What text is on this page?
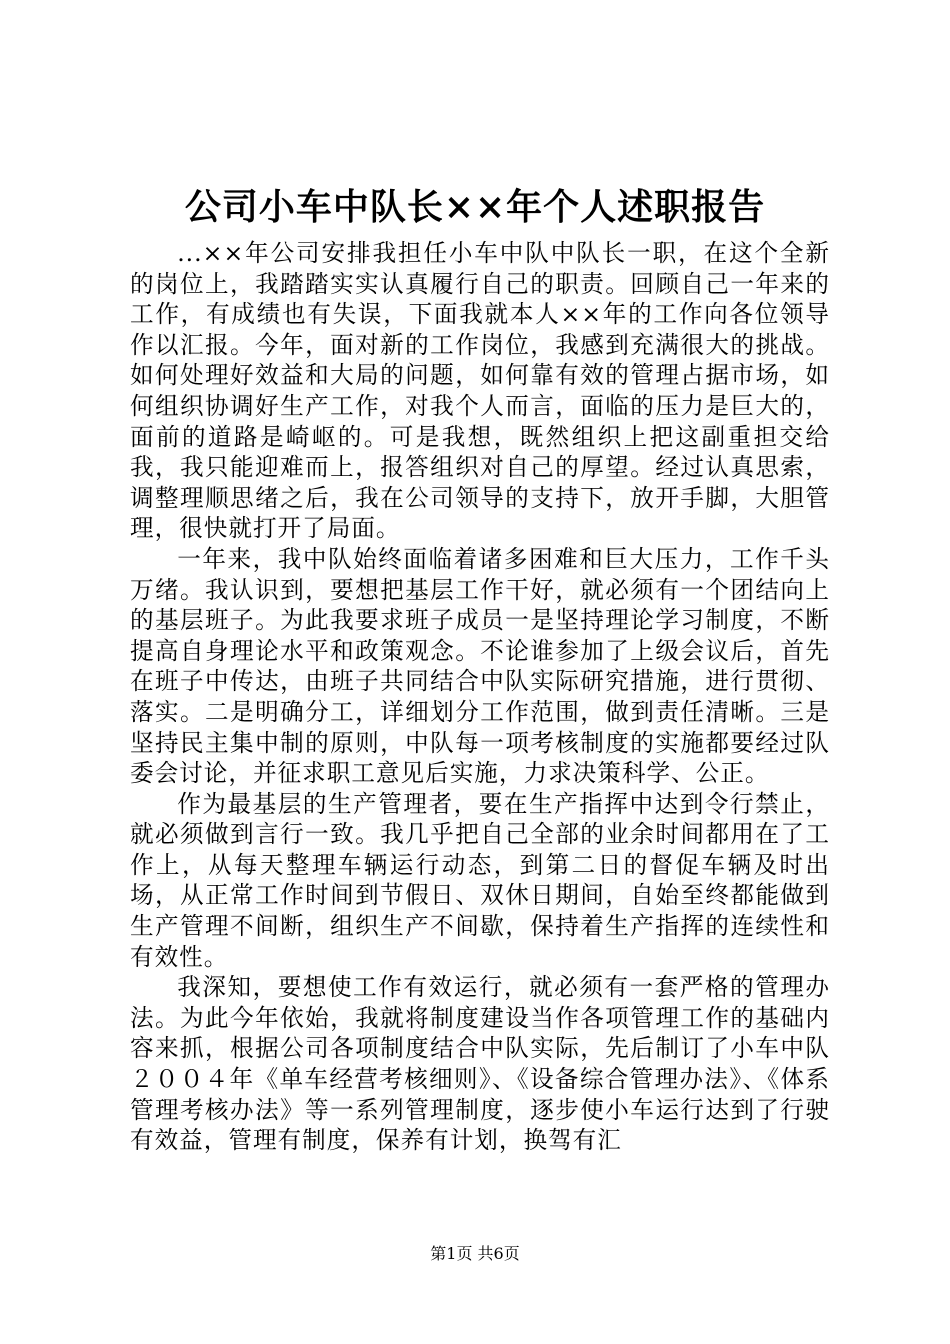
公司小车中队长××年个人述职报告

...××年公司安排我担任小车中队中队长一职，在这个全新的岗位上，我踏踏实实认真履行自己的职责。回顾自己一年来的工作，有成绩也有失误，下面我就本人××年的工作向各位领导作以汇报。今年，面对新的工作岗位，我感到充满很大的挑战。如何处理好效益和大局的问题，如何靠有效的管理占据市场，如何组织协调好生产工作，对我个人而言，面临的压力是巨大的，面前的道路是崎岖的。可是我想，既然组织上把这副重担交给我，我只能迎难而上，报答组织对自己的厚望。经过认真思索，调整理顺思绪之后，我在公司领导的支持下，放开手脚，大胆管理，很快就打开了局面。

一年来，我中队始终面临着诸多困难和巨大压力，工作千头万绪。我认识到，要想把基层工作干好，就必须有一个团结向上的基层班子。为此我要求班子成员一是坚持理论学习制度，不断提高自身理论水平和政策观念。不论谁参加了上级会议后，首先在班子中传达，由班子共同结合中队实际研究措施，进行贯彻、落实。二是明确分工，详细划分工作范围，做到责任清晰。三是坚持民主集中制的原则，中队每一项考核制度的实施都要经过队委会讨论，并征求职工意见后实施，力求决策科学、公正。

作为最基层的生产管理者，要在生产指挥中达到令行禁止，就必须做到言行一致。我几乎把自己全部的业余时间都用在了工作上，从每天整理车辆运行动态，到第二日的督促车辆及时出场，从正常工作时间到节假日、双休日期间，自始至终都能做到生产管理不间断，组织生产不间歇，保持着生产指挥的连续性和有效性。

我深知，要想使工作有效运行，就必须有一套严格的管理办法。为此今年依始，我就将制度建设当作各项管理工作的基础内容来抓，根据公司各项制度结合中队实际，先后制订了小车中队２００４年《单车经营考核细则》、《设备综合管理办法》、《体系管理考核办法》等一系列管理制度，逐步使小车运行达到了行驶有效益，管理有制度，保养有计划，换驾有汇

第1页 共6页
